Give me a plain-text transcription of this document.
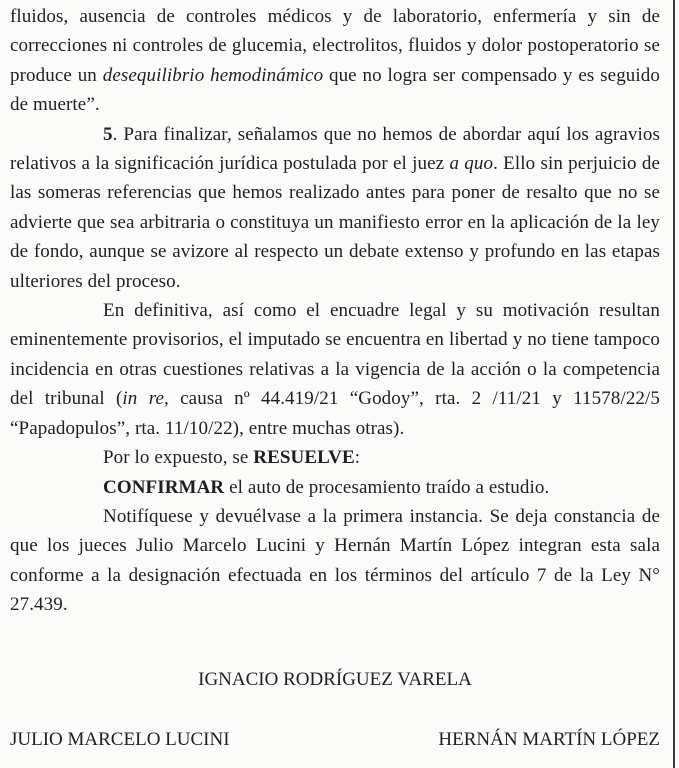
fluidos, ausencia de controles médicos y de laboratorio, enfermería y sin de correcciones ni controles de glucemia, electrolitos, fluidos y dolor postoperatorio se produce un desequilibrio hemodinámico que no logra ser compensado y es seguido de muerte”.

5. Para finalizar, señalamos que no hemos de abordar aquí los agravios relativos a la significación jurídica postulada por el juez a quo. Ello sin perjuicio de las someras referencias que hemos realizado antes para poner de resalto que no se advierte que sea arbitraria o constituya un manifiesto error en la aplicación de la ley de fondo, aunque se avizore al respecto un debate extenso y profundo en las etapas ulteriores del proceso.

En definitiva, así como el encuadre legal y su motivación resultan eminentemente provisorios, el imputado se encuentra en libertad y no tiene tampoco incidencia en otras cuestiones relativas a la vigencia de la acción o la competencia del tribunal (in re, causa nº 44.419/21 “Godoy”, rta. 2 /11/21 y 11578/22/5 “Papadopulos”, rta. 11/10/22), entre muchas otras).

Por lo expuesto, se RESUELVE:

CONFIRMAR el auto de procesamiento traído a estudio.

Notifíquese y devuélvase a la primera instancia. Se deja constancia de que los jueces Julio Marcelo Lucini y Hernán Martín López integran esta sala conforme a la designación efectuada en los términos del artículo 7 de la Ley N° 27.439.

IGNACIO RODRÍGUEZ VARELA
JULIO MARCELO LUCINI	HERNÁN MARTÍN LÓPEZ
